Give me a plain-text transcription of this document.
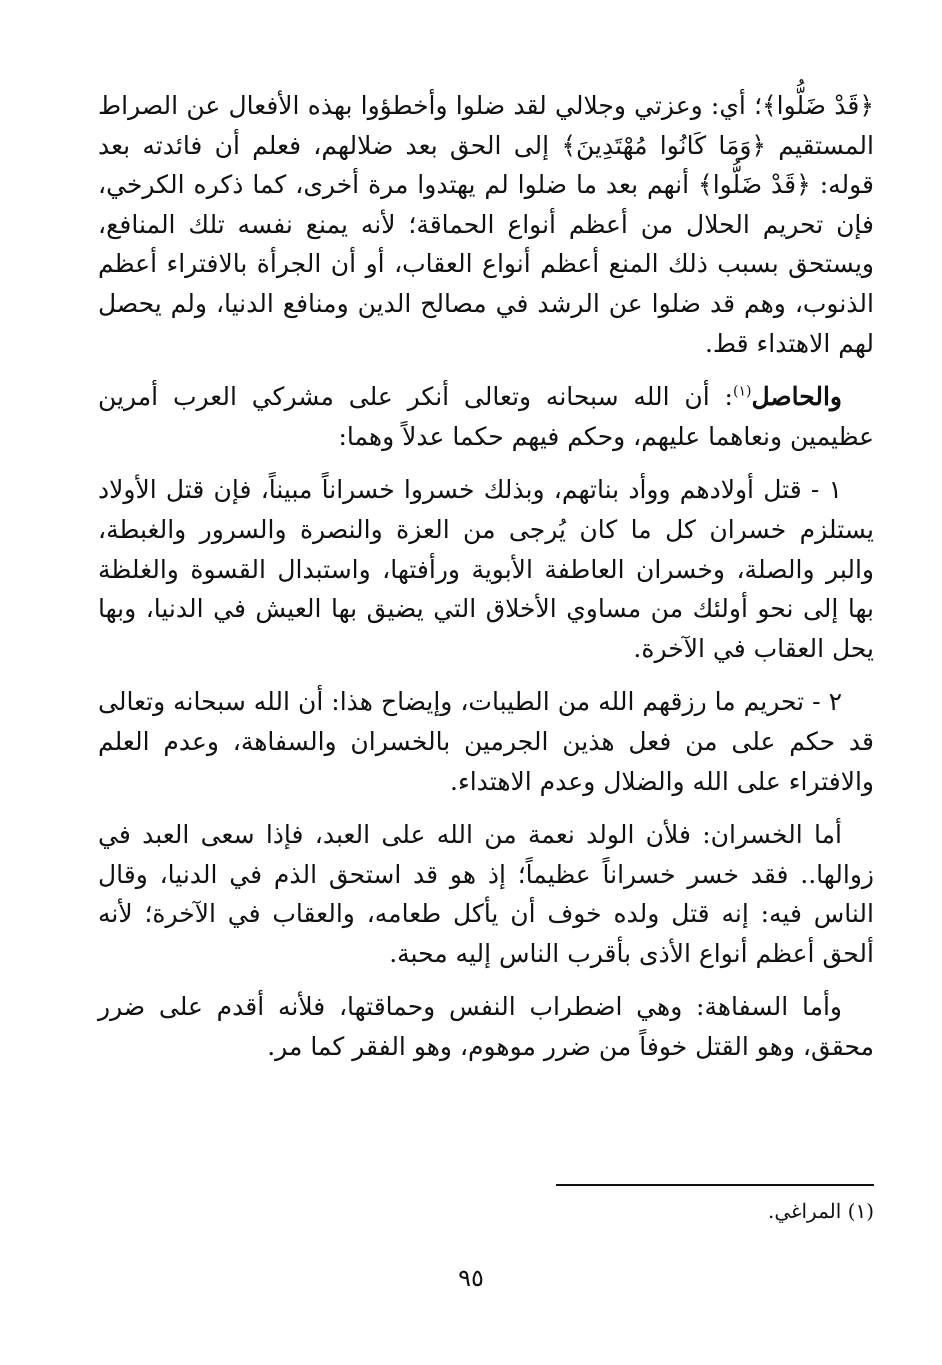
﴿قَدْ ضَلُّوا﴾؛ أي: وعزتي وجلالي لقد ضلوا وأخطؤوا بهذه الأفعال عن الصراط المستقيم ﴿وَمَا كَانُوا مُهْتَدِينَ﴾ إلى الحق بعد ضلالهم، فعلم أن فائدته بعد قوله: ﴿قَدْ ضَلُّوا﴾ أنهم بعد ما ضلوا لم يهتدوا مرة أخرى، كما ذكره الكرخي، فإن تحريم الحلال من أعظم أنواع الحماقة؛ لأنه يمنع نفسه تلك المنافع، ويستحق بسبب ذلك المنع أعظم أنواع العقاب، أو أن الجرأة بالافتراء أعظم الذنوب، وهم قد ضلوا عن الرشد في مصالح الدين ومنافع الدنيا، ولم يحصل لهم الاهتداء قط.

والحاصل$^{(١)}$: أن الله سبحانه وتعالى أنكر على مشركي العرب أمرين عظيمين ونعاهما عليهم، وحكم فيهم حكما عدلاً وهما:

١ - قتل أولادهم ووأد بناتهم، وبذلك خسروا خسراناً مبيناً، فإن قتل الأولاد يستلزم خسران كل ما كان يُرجى من العزة والنصرة والسرور والغبطة، والبر والصلة، وخسران العاطفة الأبوية ورأفتها، واستبدال القسوة والغلظة بها إلى نحو أولئك من مساوي الأخلاق التي يضيق بها العيش في الدنيا، وبها يحل العقاب في الآخرة.

٢ - تحريم ما رزقهم الله من الطيبات، وإيضاح هذا: أن الله سبحانه وتعالى قد حكم على من فعل هذين الجرمين بالخسران والسفاهة، وعدم العلم والافتراء على الله والضلال وعدم الاهتداء.

أما الخسران: فلأن الولد نعمة من الله على العبد، فإذا سعى العبد في زوالها.. فقد خسر خسراناً عظيماً؛ إذ هو قد استحق الذم في الدنيا، وقال الناس فيه: إنه قتل ولده خوف أن يأكل طعامه، والعقاب في الآخرة؛ لأنه ألحق أعظم أنواع الأذى بأقرب الناس إليه محبة.

وأما السفاهة: وهي اضطراب النفس وحماقتها، فلأنه أقدم على ضرر محقق، وهو القتل خوفاً من ضرر موهوم، وهو الفقر كما مر.

(١) المراغي.
٩٥
